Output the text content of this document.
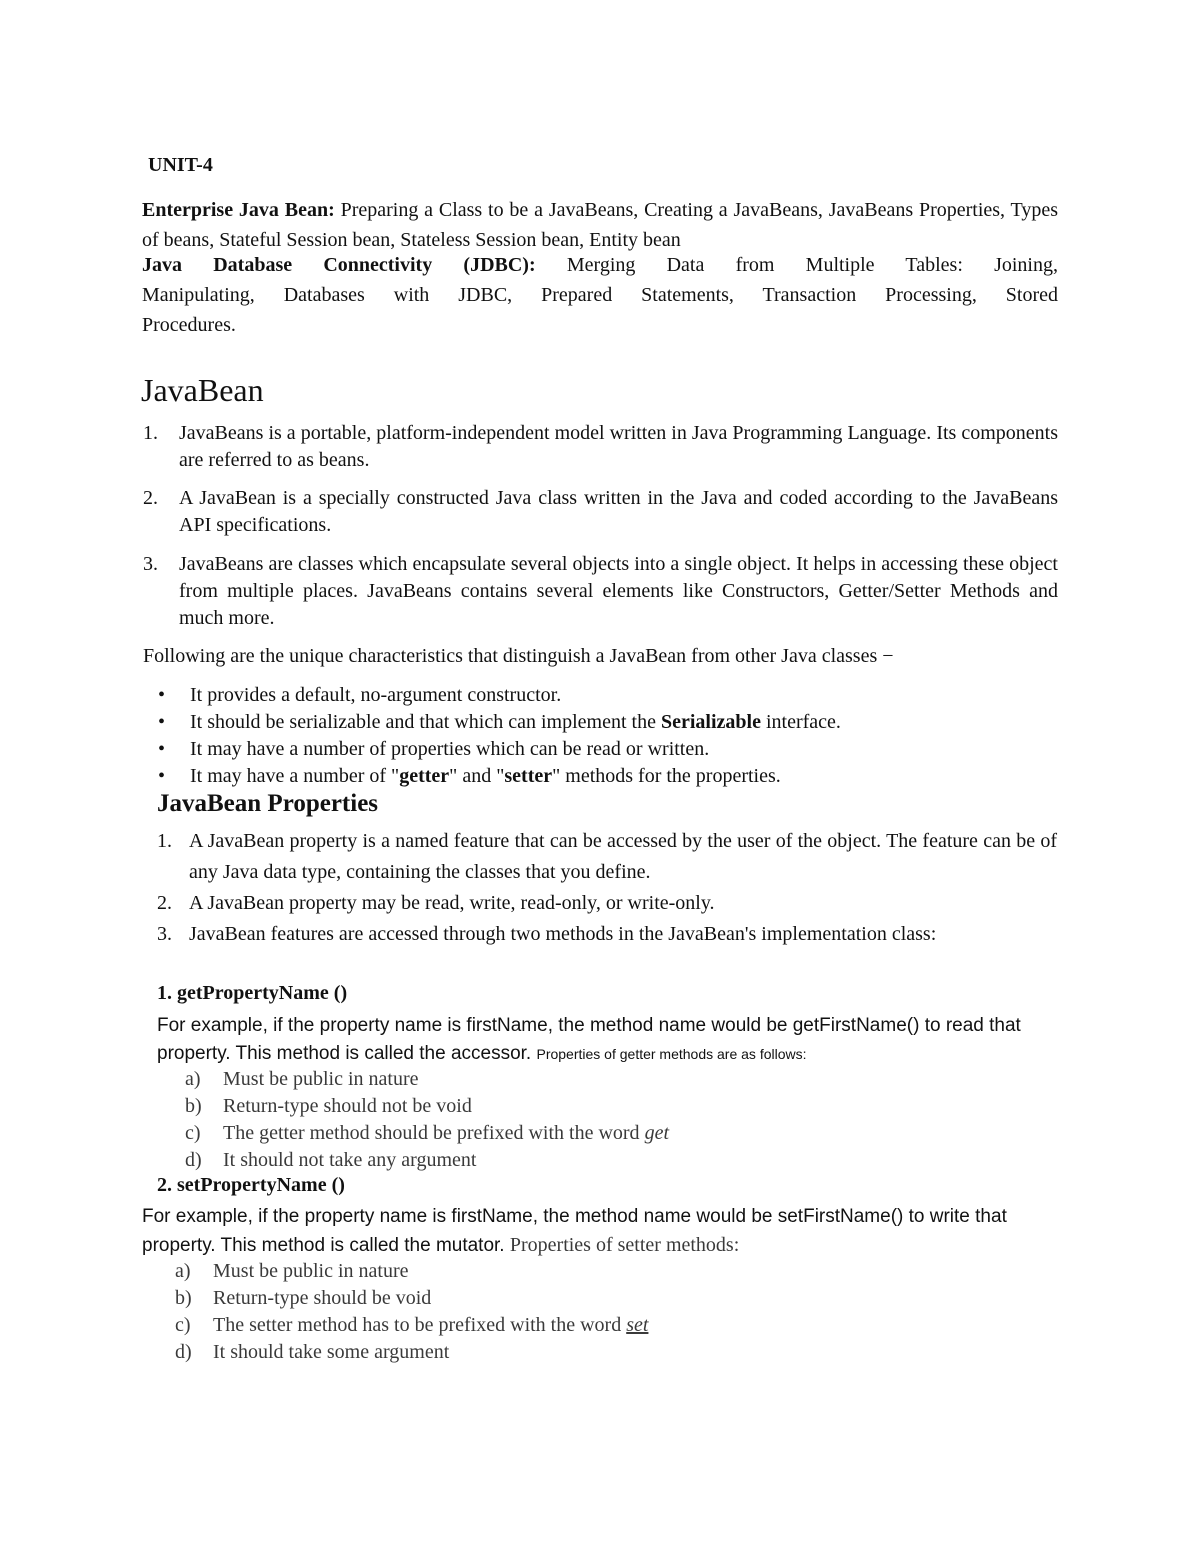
UNIT-4

Enterprise Java Bean: Preparing a Class to be a JavaBeans, Creating a JavaBeans, JavaBeans Properties, Types of beans, Stateful Session bean, Stateless Session bean, Entity bean

Java Database Connectivity (JDBC): Merging Data from Multiple Tables: Joining,
Manipulating, Databases with JDBC, Prepared Statements, Transaction Processing, Stored
Procedures.
JavaBean
1. JavaBeans is a portable, platform-independent model written in Java Programming Language. Its components are referred to as beans.
2. A JavaBean is a specially constructed Java class written in the Java and coded according to the JavaBeans API specifications.
3. JavaBeans are classes which encapsulate several objects into a single object. It helps in accessing these object from multiple places. JavaBeans contains several elements like Constructors, Getter/Setter Methods and much more.

Following are the unique characteristics that distinguish a JavaBean from other Java classes −

• It provides a default, no-argument constructor.
• It should be serializable and that which can implement the Serializable interface.
• It may have a number of properties which can be read or written.
• It may have a number of "getter" and "setter" methods for the properties.
JavaBean Properties
1. A JavaBean property is a named feature that can be accessed by the user of the object. The feature can be of any Java data type, containing the classes that you define.
2. A JavaBean property may be read, write, read-only, or write-only.
3. JavaBean features are accessed through two methods in the JavaBean's implementation class:

1. getPropertyName ()

For example, if the property name is firstName, the method name would be getFirstName() to read that property. This method is called the accessor. Properties of getter methods are as follows:

a) Must be public in nature
b) Return-type should not be void
c) The getter method should be prefixed with the word get
d) It should not take any argument

2. setPropertyName ()

For example, if the property name is firstName, the method name would be setFirstName() to write that property. This method is called the mutator. Properties of setter methods:

a) Must be public in nature
b) Return-type should be void
c) The setter method has to be prefixed with the word set
d) It should take some argument
